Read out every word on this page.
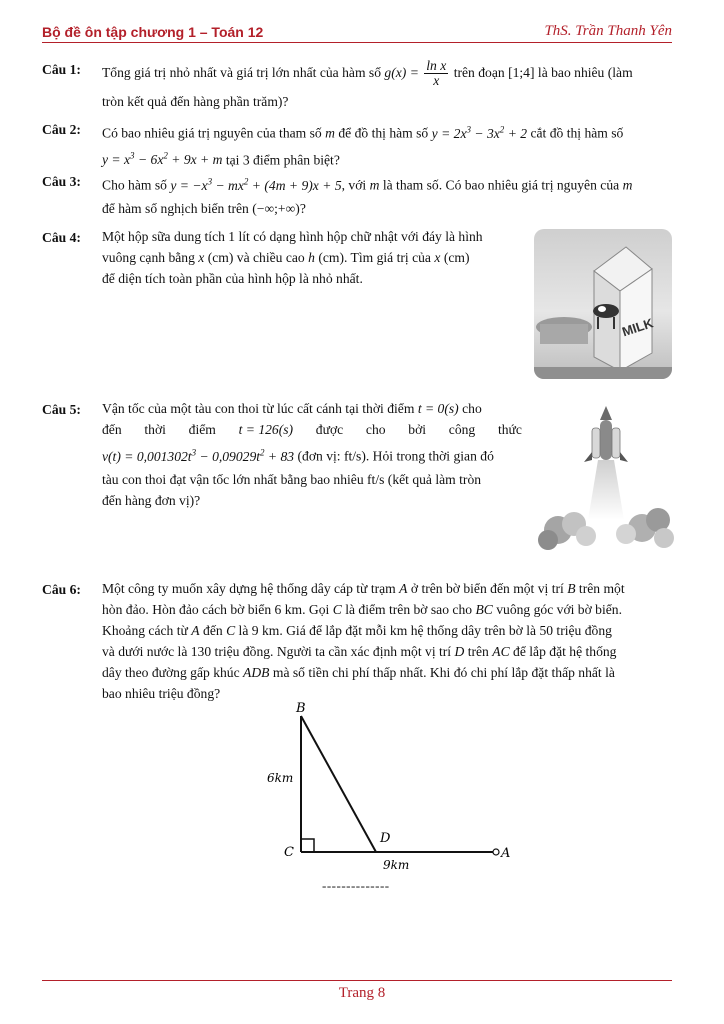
Bộ đề ôn tập chương 1 – Toán 12	ThS. Trần Thanh Yên
Câu 1: Tổng giá trị nhỏ nhất và giá trị lớn nhất của hàm số $g(x) = \frac{\text{ln x}}{x}$ trên đoạn [1;4] là bao nhiêu (làm
tròn kết quả đến hàng phần trăm)?
Câu 2: Có bao nhiêu giá trị nguyên của tham số m để đồ thị hàm số $y = 2x^3 - 3x^2 + 2$ cắt đồ thị hàm số
$y = x^3 - 6x^2 + 9x + m$ tại 3 điểm phân biệt?
Câu 3: Cho hàm số $y = -x^3 - mx^2 + (4m + 9)x + 5$, với m là tham số. Có bao nhiêu giá trị nguyên của m
để hàm số nghịch biến trên (−∞;+∞)?
Câu 4: Một hộp sữa dung tích 1 lít có dạng hình hộp chữ nhật với đáy là hình
vuông cạnh bằng x (cm) và chiều cao h (cm). Tìm giá trị của x (cm)
để diện tích toàn phần của hình hộp là nhỏ nhất.
MILK
Câu 5: Vận tốc của một tàu con thoi từ lúc cất cánh tại thời điểm t = 0(s) cho
đến thời điểm t = 126(s) được cho bởi công thức
$v(t) = 0,001302t^3 - 0,09029t^2 + 83$ (đơn vị: ft/s). Hỏi trong thời gian đó
tàu con thoi đạt vận tốc lớn nhất bằng bao nhiêu ft/s (kết quả làm tròn
đến hàng đơn vị)?
Câu 6: Một công ty muốn xây dựng hệ thống dây cáp từ trạm A ở trên bờ biển đến một vị trí B trên một
hòn đảo. Hòn đảo cách bờ biển 6 km. Gọi C là điểm trên bờ sao cho BC vuông góc với bờ biển.
Khoảng cách từ A đến C là 9 km. Giá để lắp đặt mỗi km hệ thống dây trên bờ là 50 triệu đồng
và dưới nước là 130 triệu đồng. Người ta cần xác định một vị trí D trên AC để lắp đặt hệ thống
dây theo đường gấp khúc ADB mà số tiền chi phí thấp nhất. Khi đó chi phí lắp đặt thấp nhất là
bao nhiêu triệu đồng?
B
C
D
A
6km
9km
--------------
Trang 8
